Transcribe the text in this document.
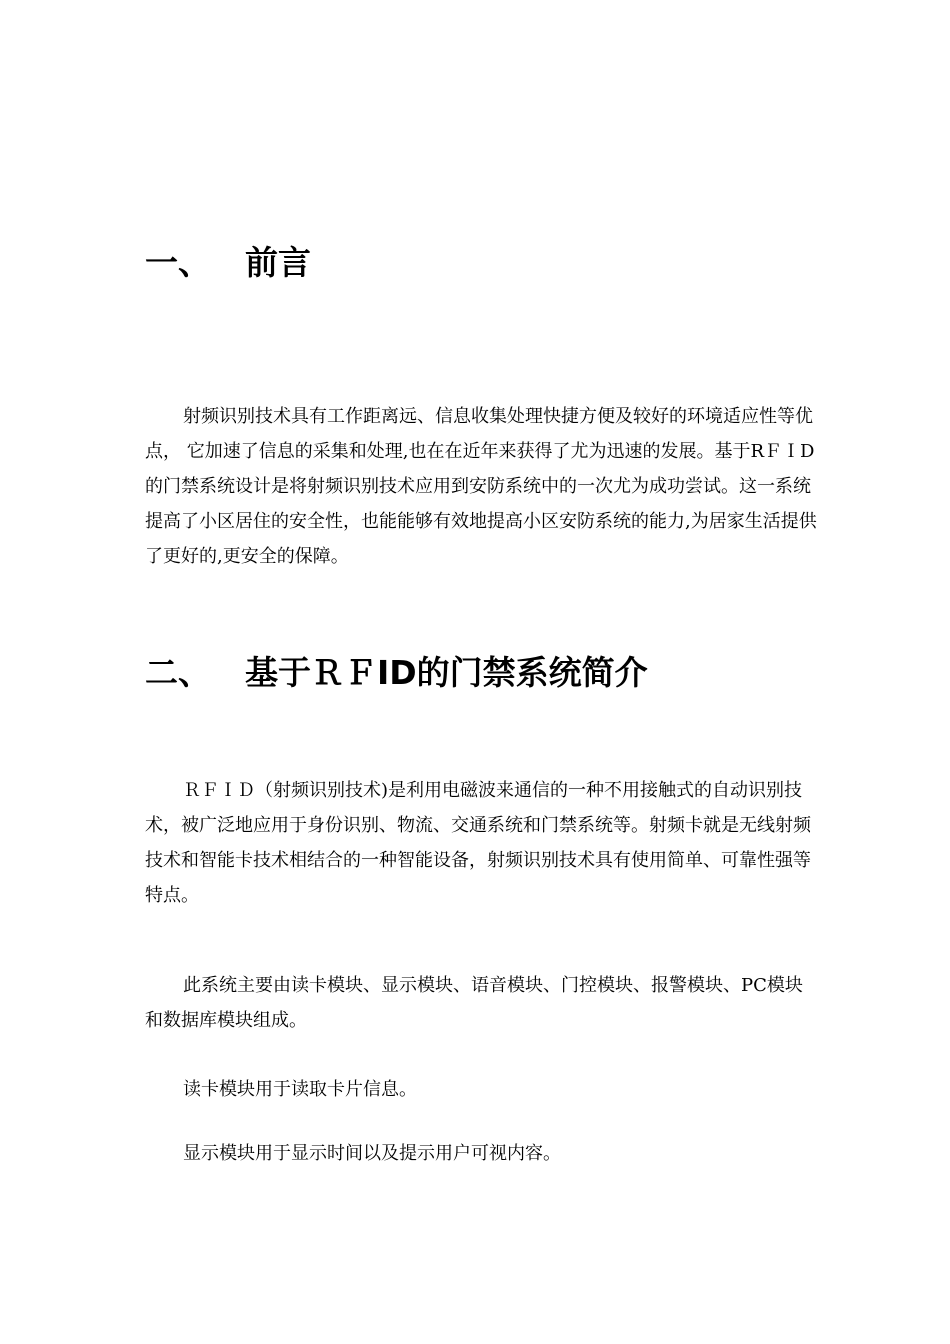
一、 前言

射频识别技术具有工作距离远、信息收集处理快捷方便及较好的环境适应性等优点， 它加速了信息的采集和处理,也在在近年来获得了尤为迅速的发展。基于RＦＩD的门禁系统设计是将射频识别技术应用到安防系统中的一次尤为成功尝试。这一系统提高了小区居住的安全性，也能能够有效地提高小区安防系统的能力,为居家生活提供了更好的,更安全的保障。

二、 基于ＲＦID的门禁系统简介

ＲＦＩＤ（射频识别技术)是利用电磁波来通信的一种不用接触式的自动识别技术，被广泛地应用于身份识别、物流、交通系统和门禁系统等。射频卡就是无线射频技术和智能卡技术相结合的一种智能设备，射频识别技术具有使用简单、可靠性强等特点。

此系统主要由读卡模块、显示模块、语音模块、门控模块、报警模块、PC模块和数据库模块组成。

读卡模块用于读取卡片信息。

显示模块用于显示时间以及提示用户可视内容。
